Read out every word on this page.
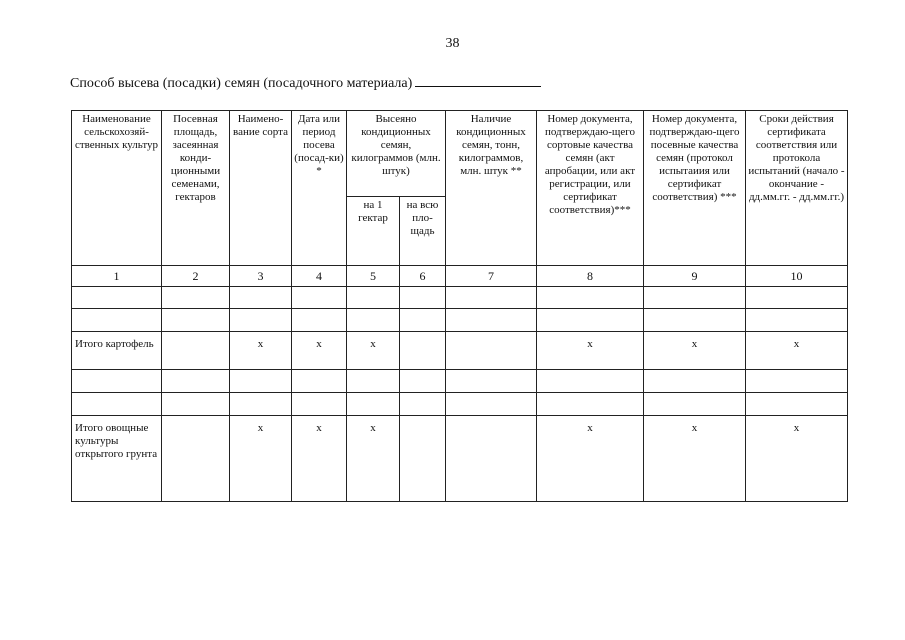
38
Способ высева (посадки) семян (посадочного материала)
Наименование сельскохозяй-ственных культур	Посевная площадь, засеянная конди-ционными семенами, гектаров	Наимено-вание сорта	Дата или период посева (посад-ки) *	Высеяно кондиционных семян, килограммов (млн. штук)		Наличие кондиционных семян, тонн, килограммов, млн. штук **	Номер документа, подтверждаю-щего сортовые качества семян (акт апробации, или акт регистрации, или сертификат соответствия)***	Номер документа, подтверждаю-щего посевные качества семян (протокол испытаиия или сертификат соответствия) ***	Сроки действия сертификата соответствия или протокола испытаний (начало - окончание - дд.мм.гг. - дд.мм.гг.)
				на 1 гектар	на всю пло-щадь				
1	2	3	4	5	6	7	8	9	10

Итого картофель		x	x	x			x	x	x

Итого овощные культуры открытого грунта		x	x	x			x	x	x
